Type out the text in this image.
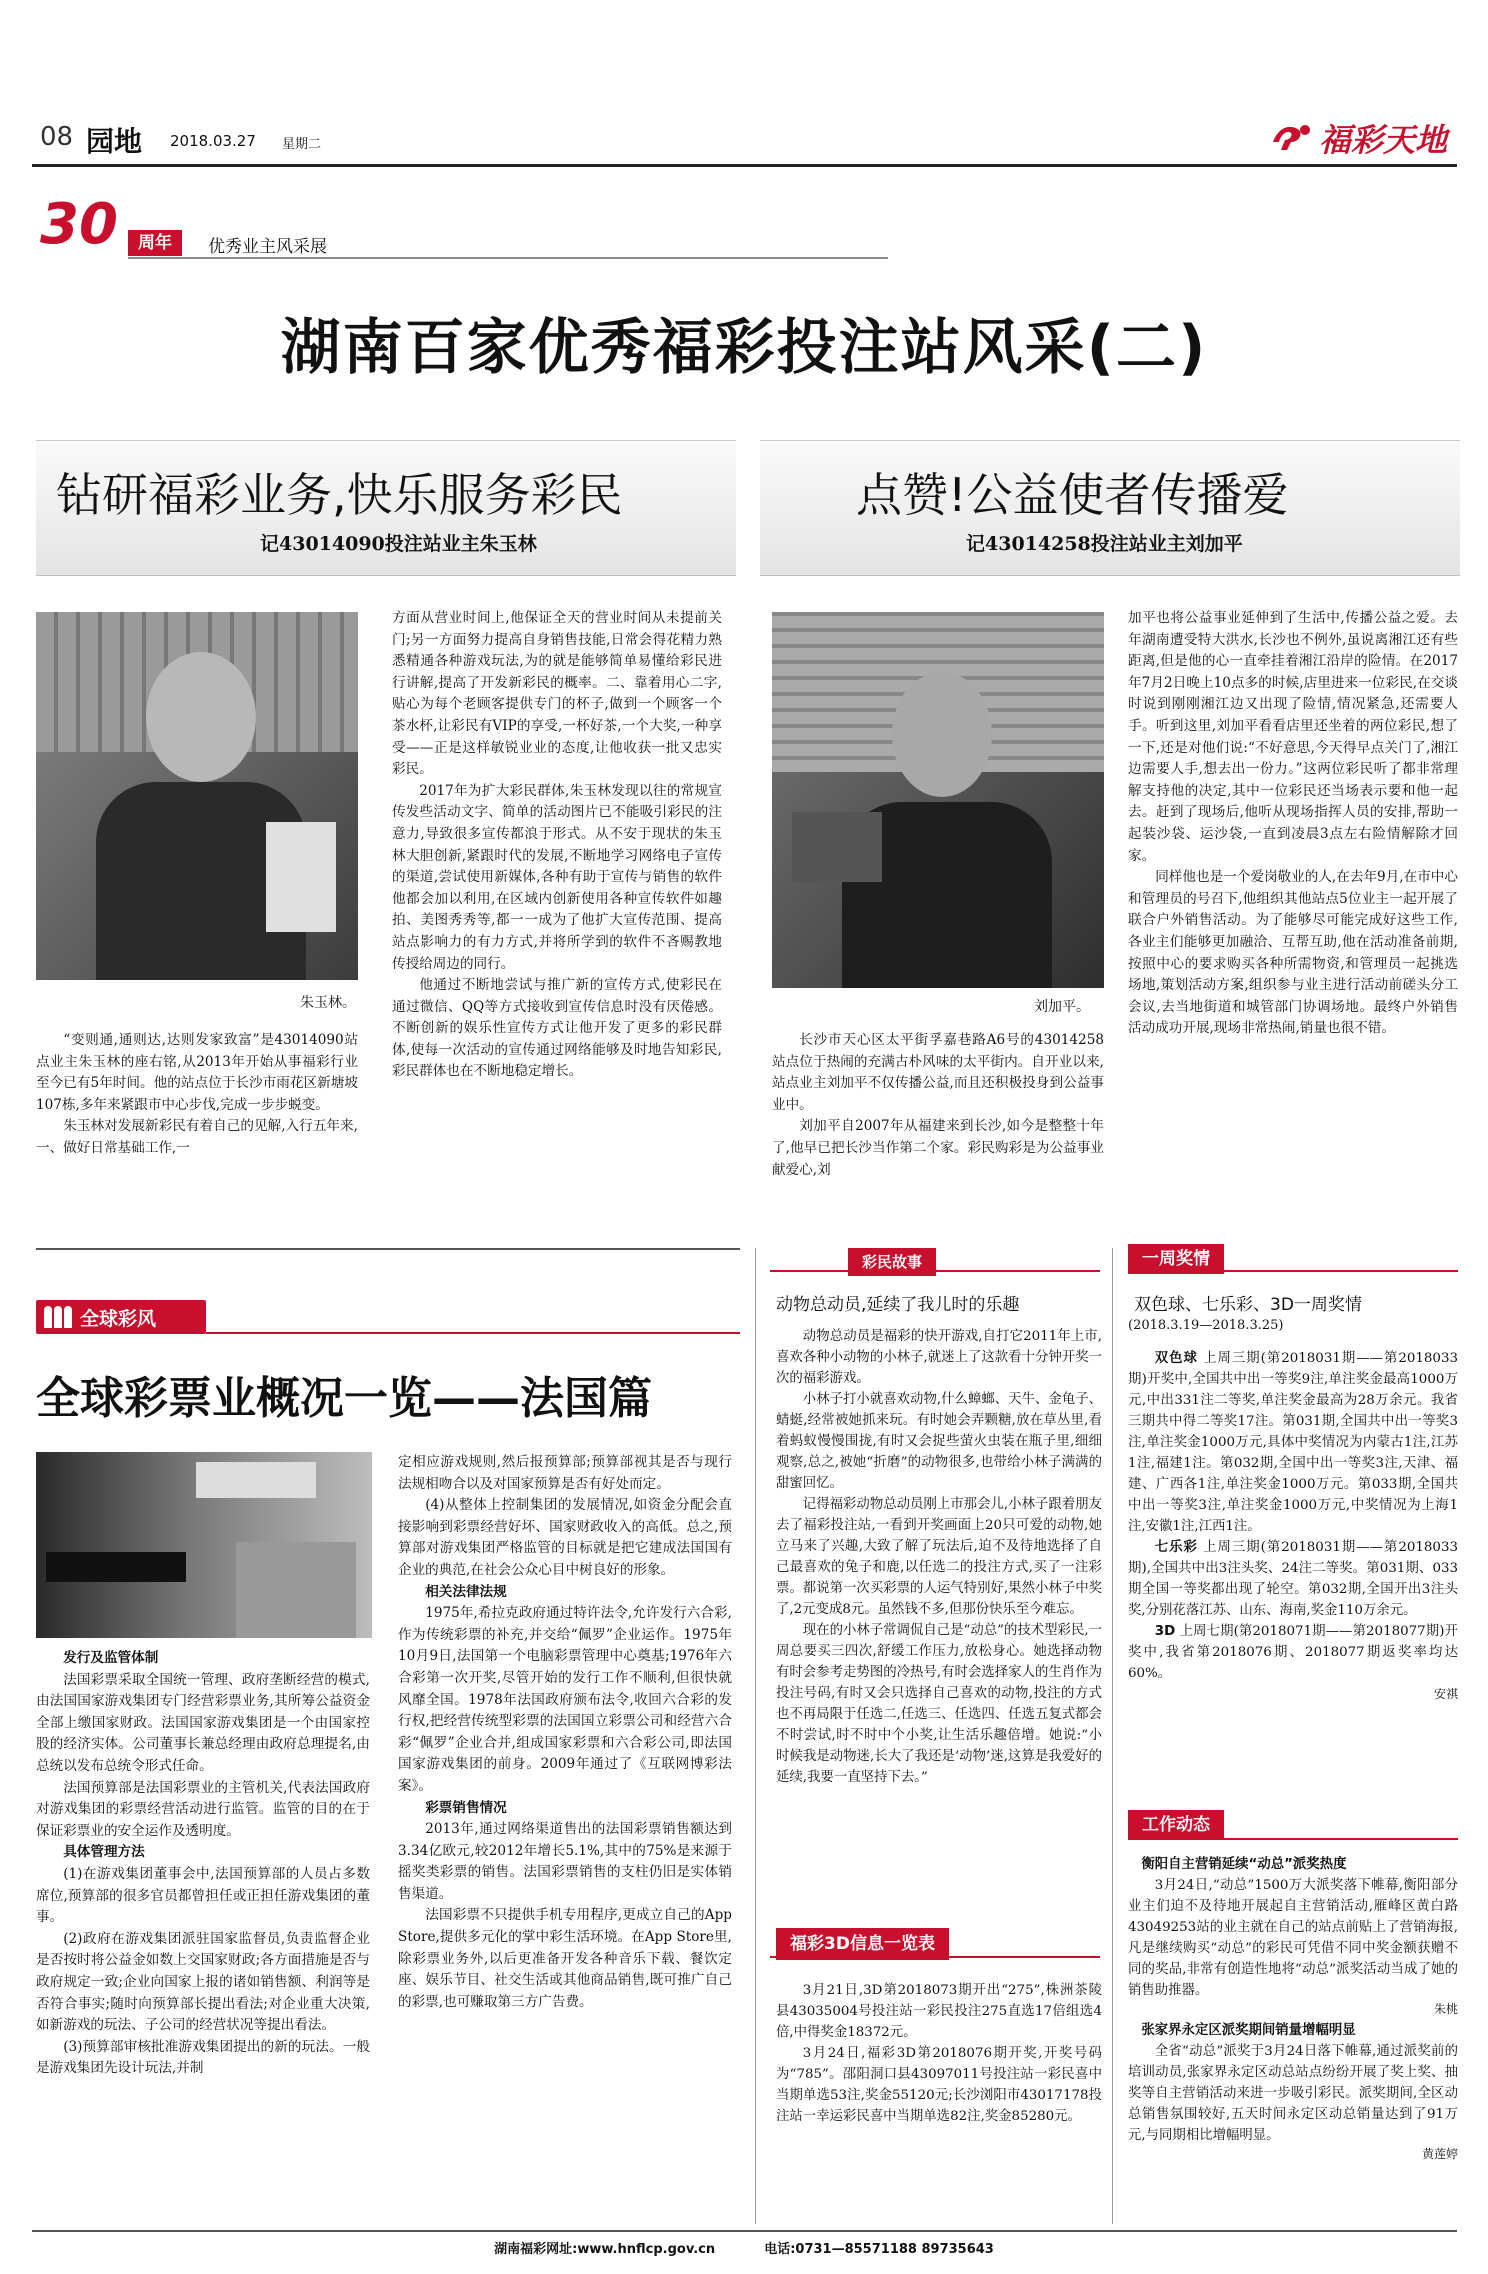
08 园地 2018.03.27 星期二	福彩天地
30	周年	优秀业主风采展
湖南百家优秀福彩投注站风采(二)
钻研福彩业务,快乐服务彩民
记43014090投注站业主朱玉林
点赞!公益使者传播爱
记43014258投注站业主刘加平
朱玉林。

“变则通,通则达,达则发家致富”是43014090站点业主朱玉林的座右铭,从2013年开始从事福彩行业至今已有5年时间。他的站点位于长沙市雨花区新塘坡107栋,多年来紧跟市中心步伐,完成一步步蜕变。

朱玉林对发展新彩民有着自己的见解,入行五年来,一、做好日常基础工作,一

方面从营业时间上,他保证全天的营业时间从未提前关门;另一方面努力提高自身销售技能,日常会得花精力熟悉精通各种游戏玩法,为的就是能够简单易懂给彩民进行讲解,提高了开发新彩民的概率。二、靠着用心二字,贴心为每个老顾客提供专门的杯子,做到一个顾客一个茶水杯,让彩民有VIP的享受,一杯好茶,一个大奖,一种享受——正是这样敏锐业业的态度,让他收获一批又忠实彩民。

2017年为扩大彩民群体,朱玉林发现以往的常规宣传发些活动文字、简单的活动图片已不能吸引彩民的注意力,导致很多宣传都浪于形式。从不安于现状的朱玉林大胆创新,紧跟时代的发展,不断地学习网络电子宣传的渠道,尝试使用新媒体,各种有助于宣传与销售的软件他都会加以利用,在区域内创新使用各种宣传软件如趣拍、美图秀秀等,都一一成为了他扩大宣传范围、提高站点影响力的有力方式,并将所学到的软件不吝赐教地传授给周边的同行。

他通过不断地尝试与推广新的宣传方式,使彩民在通过微信、QQ等方式接收到宣传信息时没有厌倦感。不断创新的娱乐性宣传方式让他开发了更多的彩民群体,使每一次活动的宣传通过网络能够及时地告知彩民,彩民群体也在不断地稳定增长。

刘加平。

长沙市天心区太平街孚嘉巷路A6号的43014258站点位于热闹的充满古朴风味的太平街内。自开业以来,站点业主刘加平不仅传播公益,而且还积极投身到公益事业中。

刘加平自2007年从福建来到长沙,如今是整整十年了,他早已把长沙当作第二个家。彩民购彩是为公益事业献爱心,刘

加平也将公益事业延伸到了生活中,传播公益之爱。去年湖南遭受特大洪水,长沙也不例外,虽说离湘江还有些距离,但是他的心一直牵挂着湘江沿岸的险情。在2017年7月2日晚上10点多的时候,店里进来一位彩民,在交谈时说到刚刚湘江边又出现了险情,情况紧急,还需要人手。听到这里,刘加平看看店里还坐着的两位彩民,想了一下,还是对他们说:“不好意思,今天得早点关门了,湘江边需要人手,想去出一份力。”这两位彩民听了都非常理解支持他的决定,其中一位彩民还当场表示要和他一起去。赶到了现场后,他听从现场指挥人员的安排,帮助一起装沙袋、运沙袋,一直到凌晨3点左右险情解除才回家。

同样他也是一个爱岗敬业的人,在去年9月,在市中心和管理员的号召下,他组织其他站点5位业主一起开展了联合户外销售活动。为了能够尽可能完成好这些工作,各业主们能够更加融洽、互帮互助,他在活动准备前期,按照中心的要求购买各种所需物资,和管理员一起挑选场地,策划活动方案,组织参与业主进行活动前磋头分工会议,去当地街道和城管部门协调场地。最终户外销售活动成功开展,现场非常热闹,销量也很不错。

全球彩风
全球彩票业概况一览——法国篇

发行及监管体制

法国彩票采取全国统一管理、政府垄断经营的模式,由法国国家游戏集团专门经营彩票业务,其所筹公益资金全部上缴国家财政。法国国家游戏集团是一个由国家控股的经济实体。公司董事长兼总经理由政府总理提名,由总统以发布总统令形式任命。

法国预算部是法国彩票业的主管机关,代表法国政府对游戏集团的彩票经营活动进行监管。监管的目的在于保证彩票业的安全运作及透明度。

具体管理方法

(1)在游戏集团董事会中,法国预算部的人员占多数席位,预算部的很多官员都曾担任或正担任游戏集团的董事。

(2)政府在游戏集团派驻国家监督员,负责监督企业是否按时将公益金如数上交国家财政;各方面措施是否与政府规定一致;企业向国家上报的诸如销售额、利润等是否符合事实;随时向预算部长提出看法;对企业重大决策,如新游戏的玩法、子公司的经营状况等提出看法。

(3)预算部审核批准游戏集团提出的新的玩法。一般是游戏集团先设计玩法,并制

定相应游戏规则,然后报预算部;预算部视其是否与现行法规相吻合以及对国家预算是否有好处而定。

(4)从整体上控制集团的发展情况,如资金分配会直接影响到彩票经营好坏、国家财政收入的高低。总之,预算部对游戏集团严格监管的目标就是把它建成法国国有企业的典范,在社会公众心目中树良好的形象。

相关法律法规

1975年,希拉克政府通过特许法令,允许发行六合彩,作为传统彩票的补充,并交给“佩罗”企业运作。1975年10月9日,法国第一个电脑彩票管理中心奠基;1976年六合彩第一次开奖,尽管开始的发行工作不顺利,但很快就风靡全国。1978年法国政府颁布法令,收回六合彩的发行权,把经营传统型彩票的法国国立彩票公司和经营六合彩“佩罗”企业合并,组成国家彩票和六合彩公司,即法国国家游戏集团的前身。2009年通过了《互联网博彩法案》。

彩票销售情况

2013年,通过网络渠道售出的法国彩票销售额达到3.34亿欧元,较2012年增长5.1%,其中的75%是来源于摇奖类彩票的销售。法国彩票销售的支柱仍旧是实体销售渠道。

法国彩票不只提供手机专用程序,更成立自己的App Store,提供多元化的掌中彩生活环境。在App Store里,除彩票业务外,以后更准备开发各种音乐下载、餐饮定座、娱乐节目、社交生活或其他商品销售,既可推广自己的彩票,也可赚取第三方广告费。

彩民故事
动物总动员,延续了我儿时的乐趣

动物总动员是福彩的快开游戏,自打它2011年上市,喜欢各种小动物的小林子,就迷上了这款看十分钟开奖一次的福彩游戏。

小林子打小就喜欢动物,什么蟑螂、天牛、金龟子、蜻蜓,经常被她抓来玩。有时她会弄颗糖,放在草丛里,看着蚂蚁慢慢围拢,有时又会捉些萤火虫装在瓶子里,细细观察,总之,被她“折磨”的动物很多,也带给小林子满满的甜蜜回忆。

记得福彩动物总动员刚上市那会儿,小林子跟着朋友去了福彩投注站,一看到开奖画面上20只可爱的动物,她立马来了兴趣,大致了解了玩法后,迫不及待地选择了自己最喜欢的兔子和鹿,以任选二的投注方式,买了一注彩票。都说第一次买彩票的人运气特别好,果然小林子中奖了,2元变成8元。虽然钱不多,但那份快乐至今难忘。

现在的小林子常调侃自己是“动总”的技术型彩民,一周总要买三四次,舒缓工作压力,放松身心。她选择动物有时会参考走势图的冷热号,有时会选择家人的生肖作为投注号码,有时又会只选择自己喜欢的动物,投注的方式也不再局限于任选二,任选三、任选四、任选五复式都会不时尝试,时不时中个小奖,让生活乐趣倍增。她说:“小时候我是动物迷,长大了我还是‘动物’迷,这算是我爱好的延续,我要一直坚持下去。”

福彩3D信息一览表

3月21日,3D第2018073期开出“275”,株洲茶陵县43035004号投注站一彩民投注275直选17倍组选4倍,中得奖金18372元。

3月24日,福彩3D第2018076期开奖,开奖号码为“785”。邵阳洞口县43097011号投注站一彩民喜中当期单选53注,奖金55120元;长沙浏阳市43017178投注站一幸运彩民喜中当期单选82注,奖金85280元。

一周奖情
双色球、七乐彩、3D一周奖情
(2018.3.19—2018.3.25)

双色球 上周三期(第2018031期——第2018033期)开奖中,全国共中出一等奖9注,单注奖金最高1000万元,中出331注二等奖,单注奖金最高为28万余元。我省三期共中得二等奖17注。第031期,全国共中出一等奖3注,单注奖金1000万元,具体中奖情况为内蒙古1注,江苏1注,福建1注。第032期,全国中出一等奖3注,天津、福建、广西各1注,单注奖金1000万元。第033期,全国共中出一等奖3注,单注奖金1000万元,中奖情况为上海1注,安徽1注,江西1注。

七乐彩 上周三期(第2018031期——第2018033期),全国共中出3注头奖、24注二等奖。第031期、033期全国一等奖都出现了轮空。第032期,全国开出3注头奖,分别花落江苏、山东、海南,奖金110万余元。

3D 上周七期(第2018071期——第2018077期)开奖中,我省第2018076期、2018077期返奖率均达60%。

安祺

工作动态

衡阳自主营销延续“动总”派奖热度

3月24日,“动总”1500万大派奖落下帷幕,衡阳部分业主们迫不及待地开展起自主营销活动,雁峰区黄白路43049253站的业主就在自己的站点前贴上了营销海报,凡是继续购买“动总”的彩民可凭借不同中奖金额获赠不同的奖品,非常有创造性地将“动总”派奖活动当成了她的销售助推器。

朱桃

张家界永定区派奖期间销量增幅明显

全省“动总”派奖于3月24日落下帷幕,通过派奖前的培训动员,张家界永定区动总站点纷纷开展了奖上奖、抽奖等自主营销活动来进一步吸引彩民。派奖期间,全区动总销售氛围较好,五天时间永定区动总销量达到了91万元,与同期相比增幅明显。

黄莲婷

湖南福彩网址:www.hnflcp.gov.cn	电话:0731—85571188 89735643
